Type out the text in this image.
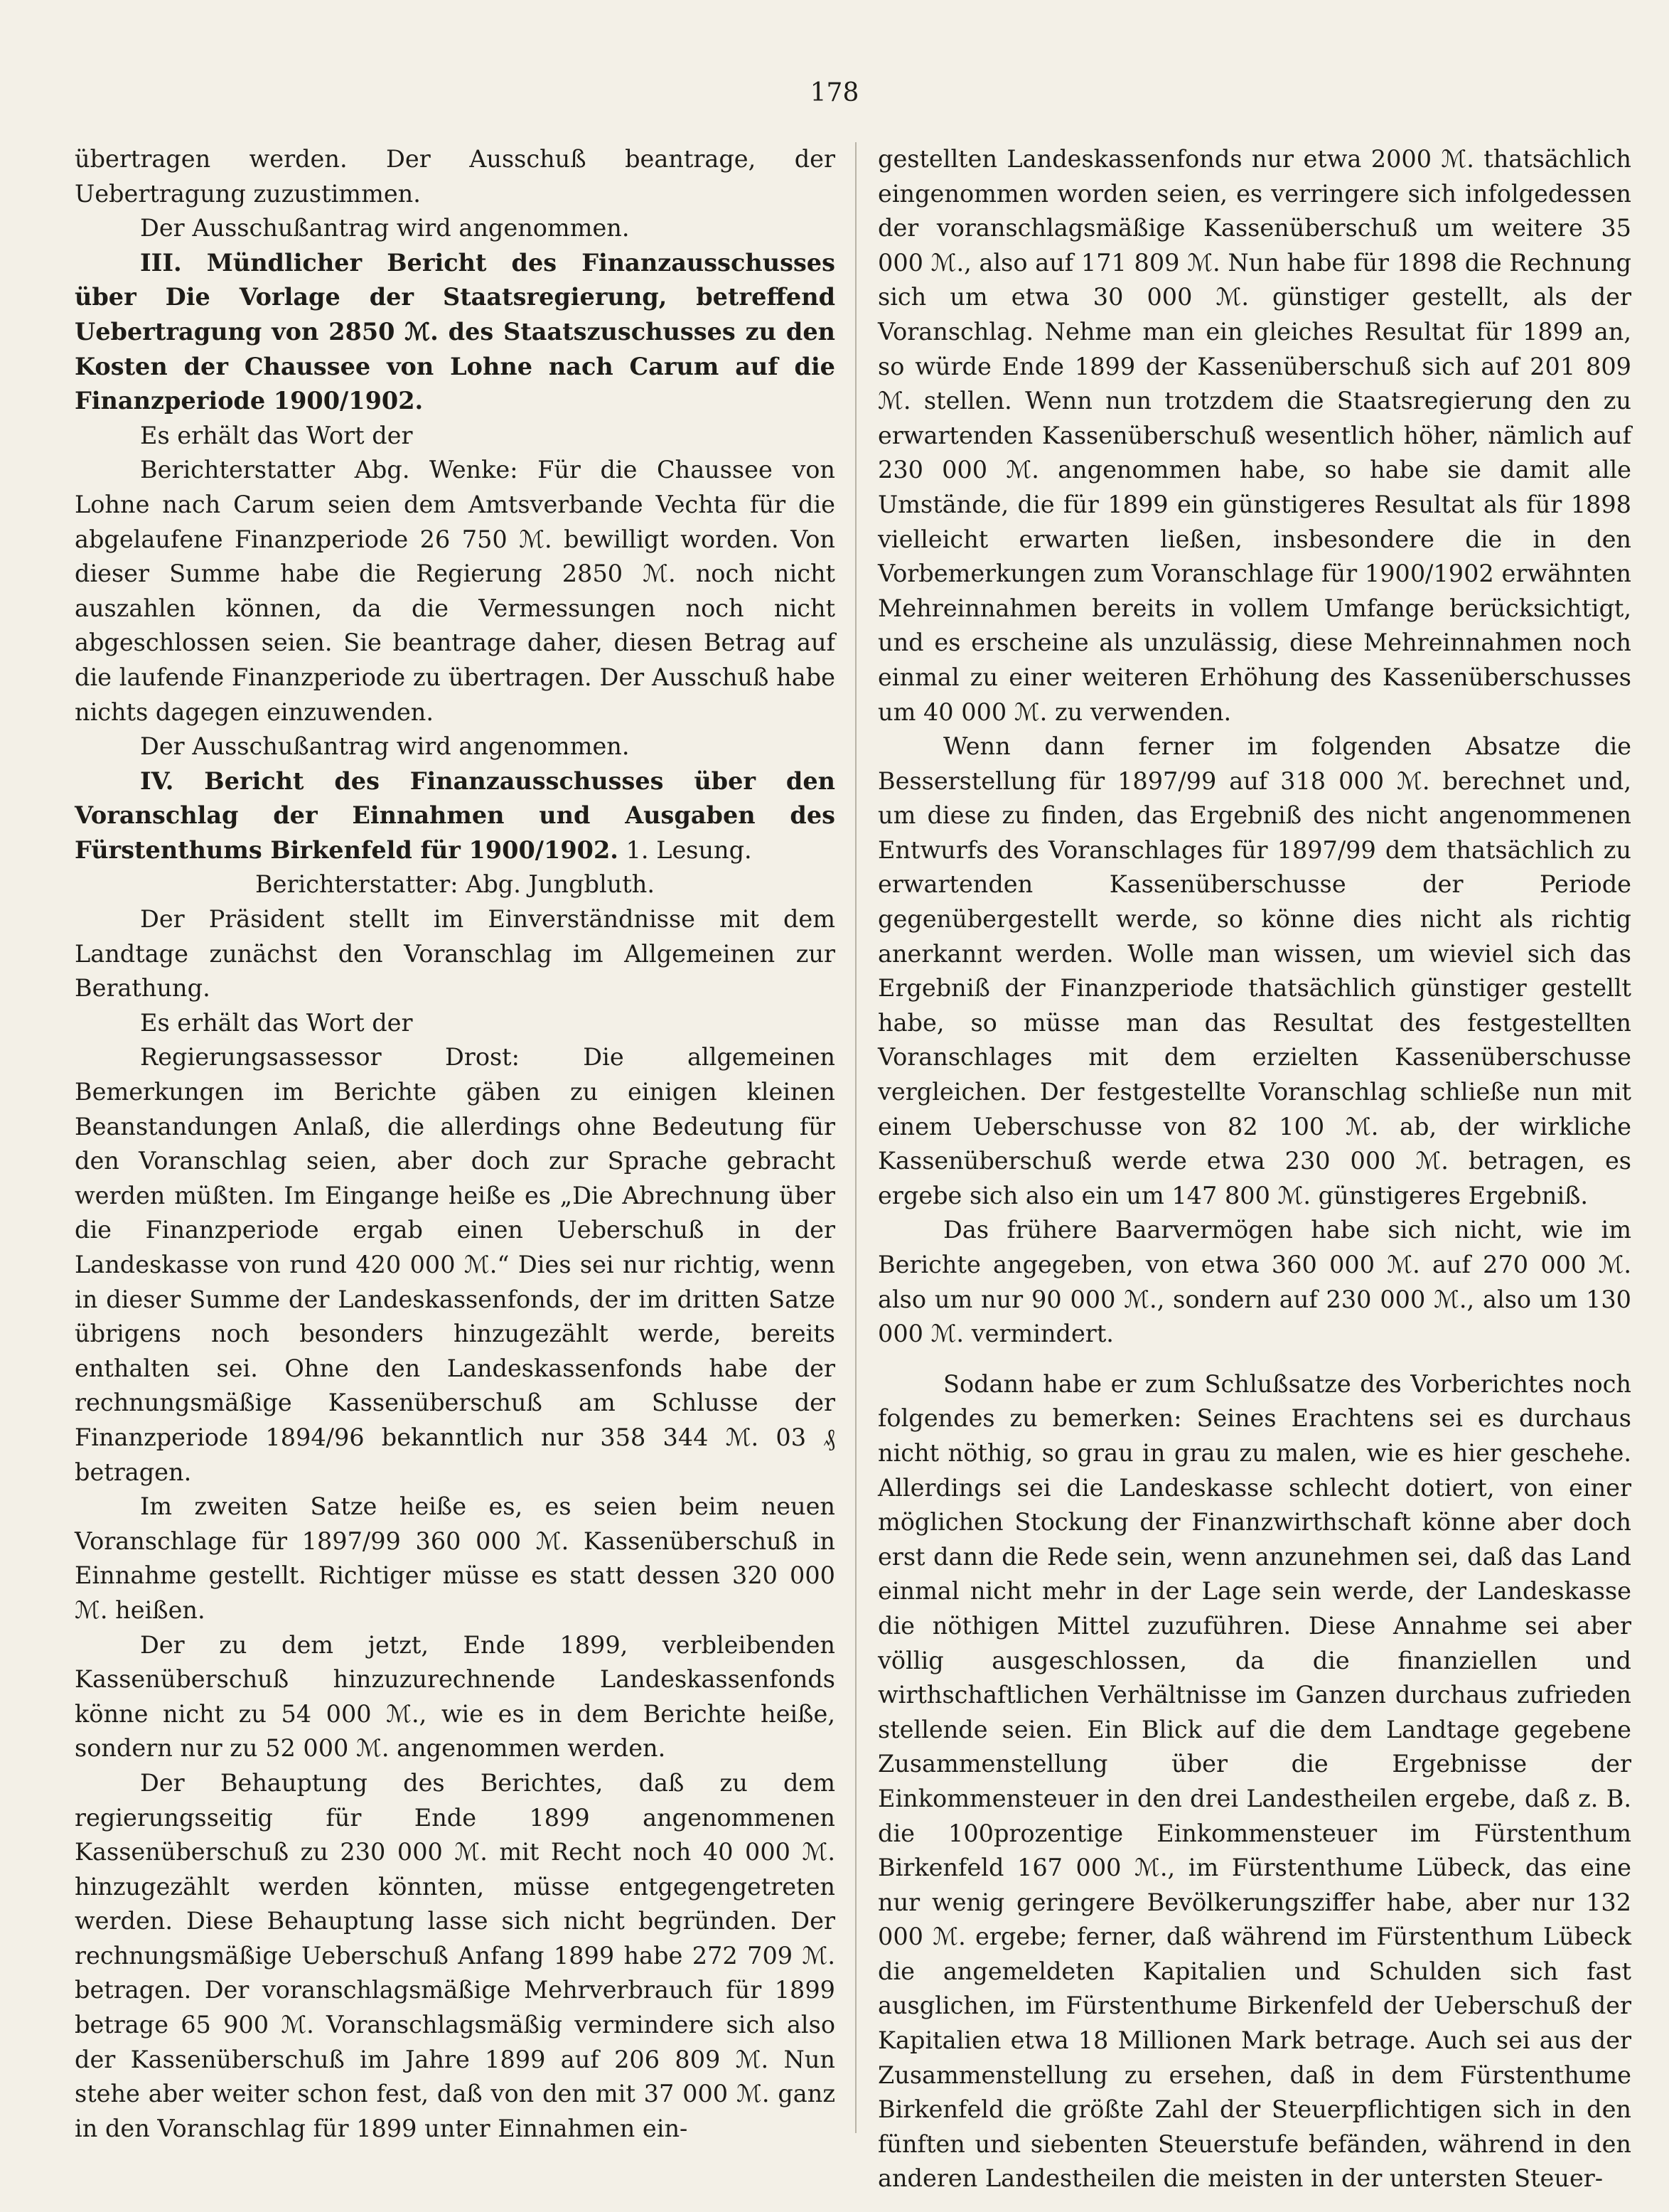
178

übertragen werden. Der Ausschuß beantrage, der Uebertragung zuzustimmen.

Der Ausschußantrag wird angenommen.

III. Mündlicher Bericht des Finanzausschusses über Die Vorlage der Staatsregierung, betreffend Uebertragung von 2850 ℳ. des Staatszuschusses zu den Kosten der Chaussee von Lohne nach Carum auf die Finanzperiode 1900/1902.

Es erhält das Wort der

Berichterstatter Abg. Wenke: Für die Chaussee von Lohne nach Carum seien dem Amtsverbande Vechta für die abgelaufene Finanzperiode 26 750 ℳ. bewilligt worden. Von dieser Summe habe die Regierung 2850 ℳ. noch nicht auszahlen können, da die Vermessungen noch nicht abgeschlossen seien. Sie beantrage daher, diesen Betrag auf die laufende Finanzperiode zu übertragen. Der Ausschuß habe nichts dagegen einzuwenden.

Der Ausschußantrag wird angenommen.

IV. Bericht des Finanzausschusses über den Voranschlag der Einnahmen und Ausgaben des Fürstenthums Birkenfeld für 1900/1902. 1. Lesung.

Berichterstatter: Abg. Jungbluth.

Der Präsident stellt im Einverständnisse mit dem Landtage zunächst den Voranschlag im Allgemeinen zur Berathung.

Es erhält das Wort der

Regierungsassessor Drost: Die allgemeinen Bemerkungen im Berichte gäben zu einigen kleinen Beanstandungen Anlaß, die allerdings ohne Bedeutung für den Voranschlag seien, aber doch zur Sprache gebracht werden müßten. Im Eingange heiße es „Die Abrechnung über die Finanzperiode ergab einen Ueberschuß in der Landeskasse von rund 420 000 ℳ.“ Dies sei nur richtig, wenn in dieser Summe der Landeskassenfonds, der im dritten Satze übrigens noch besonders hinzugezählt werde, bereits enthalten sei. Ohne den Landeskassenfonds habe der rechnungsmäßige Kassenüberschuß am Schlusse der Finanzperiode 1894/96 bekanntlich nur 358 344 ℳ. 03 ₰ betragen.

Im zweiten Satze heiße es, es seien beim neuen Voranschlage für 1897/99 360 000 ℳ. Kassenüberschuß in Einnahme gestellt. Richtiger müsse es statt dessen 320 000 ℳ. heißen.

Der zu dem jetzt, Ende 1899, verbleibenden Kassenüberschuß hinzuzurechnende Landeskassenfonds könne nicht zu 54 000 ℳ., wie es in dem Berichte heiße, sondern nur zu 52 000 ℳ. angenommen werden.

Der Behauptung des Berichtes, daß zu dem regierungsseitig für Ende 1899 angenommenen Kassenüberschuß zu 230 000 ℳ. mit Recht noch 40 000 ℳ. hinzugezählt werden könnten, müsse entgegengetreten werden. Diese Behauptung lasse sich nicht begründen. Der rechnungsmäßige Ueberschuß Anfang 1899 habe 272 709 ℳ. betragen. Der voranschlagsmäßige Mehrverbrauch für 1899 betrage 65 900 ℳ. Voranschlagsmäßig vermindere sich also der Kassenüberschuß im Jahre 1899 auf 206 809 ℳ. Nun stehe aber weiter schon fest, daß von den mit 37 000 ℳ. ganz in den Voranschlag für 1899 unter Einnahmen ein-

gestellten Landeskassenfonds nur etwa 2000 ℳ. thatsächlich eingenommen worden seien, es verringere sich infolgedessen der voranschlagsmäßige Kassenüberschuß um weitere 35 000 ℳ., also auf 171 809 ℳ. Nun habe für 1898 die Rechnung sich um etwa 30 000 ℳ. günstiger gestellt, als der Voranschlag. Nehme man ein gleiches Resultat für 1899 an, so würde Ende 1899 der Kassenüberschuß sich auf 201 809 ℳ. stellen. Wenn nun trotzdem die Staatsregierung den zu erwartenden Kassenüberschuß wesentlich höher, nämlich auf 230 000 ℳ. angenommen habe, so habe sie damit alle Umstände, die für 1899 ein günstigeres Resultat als für 1898 vielleicht erwarten ließen, insbesondere die in den Vorbemerkungen zum Voranschlage für 1900/1902 erwähnten Mehreinnahmen bereits in vollem Umfange berücksichtigt, und es erscheine als unzulässig, diese Mehreinnahmen noch einmal zu einer weiteren Erhöhung des Kassenüberschusses um 40 000 ℳ. zu verwenden.

Wenn dann ferner im folgenden Absatze die Besserstellung für 1897/99 auf 318 000 ℳ. berechnet und, um diese zu finden, das Ergebniß des nicht angenommenen Entwurfs des Voranschlages für 1897/99 dem thatsächlich zu erwartenden Kassenüberschusse der Periode gegenübergestellt werde, so könne dies nicht als richtig anerkannt werden. Wolle man wissen, um wieviel sich das Ergebniß der Finanzperiode thatsächlich günstiger gestellt habe, so müsse man das Resultat des festgestellten Voranschlages mit dem erzielten Kassenüberschusse vergleichen. Der festgestellte Voranschlag schließe nun mit einem Ueberschusse von 82 100 ℳ. ab, der wirkliche Kassenüberschuß werde etwa 230 000 ℳ. betragen, es ergebe sich also ein um 147 800 ℳ. günstigeres Ergebniß.

Das frühere Baarvermögen habe sich nicht, wie im Berichte angegeben, von etwa 360 000 ℳ. auf 270 000 ℳ. also um nur 90 000 ℳ., sondern auf 230 000 ℳ., also um 130 000 ℳ. vermindert.

Sodann habe er zum Schlußsatze des Vorberichtes noch folgendes zu bemerken: Seines Erachtens sei es durchaus nicht nöthig, so grau in grau zu malen, wie es hier geschehe. Allerdings sei die Landeskasse schlecht dotiert, von einer möglichen Stockung der Finanzwirthschaft könne aber doch erst dann die Rede sein, wenn anzunehmen sei, daß das Land einmal nicht mehr in der Lage sein werde, der Landeskasse die nöthigen Mittel zuzuführen. Diese Annahme sei aber völlig ausgeschlossen, da die finanziellen und wirthschaftlichen Verhältnisse im Ganzen durchaus zufrieden stellende seien. Ein Blick auf die dem Landtage gegebene Zusammenstellung über die Ergebnisse der Einkommensteuer in den drei Landestheilen ergebe, daß z. B. die 100prozentige Einkommensteuer im Fürstenthum Birkenfeld 167 000 ℳ., im Fürstenthume Lübeck, das eine nur wenig geringere Bevölkerungsziffer habe, aber nur 132 000 ℳ. ergebe; ferner, daß während im Fürstenthum Lübeck die angemeldeten Kapitalien und Schulden sich fast ausglichen, im Fürstenthume Birkenfeld der Ueberschuß der Kapitalien etwa 18 Millionen Mark betrage. Auch sei aus der Zusammenstellung zu ersehen, daß in dem Fürstenthume Birkenfeld die größte Zahl der Steuerpflichtigen sich in den fünften und siebenten Steuerstufe befänden, während in den anderen Landestheilen die meisten in der untersten Steuer-
